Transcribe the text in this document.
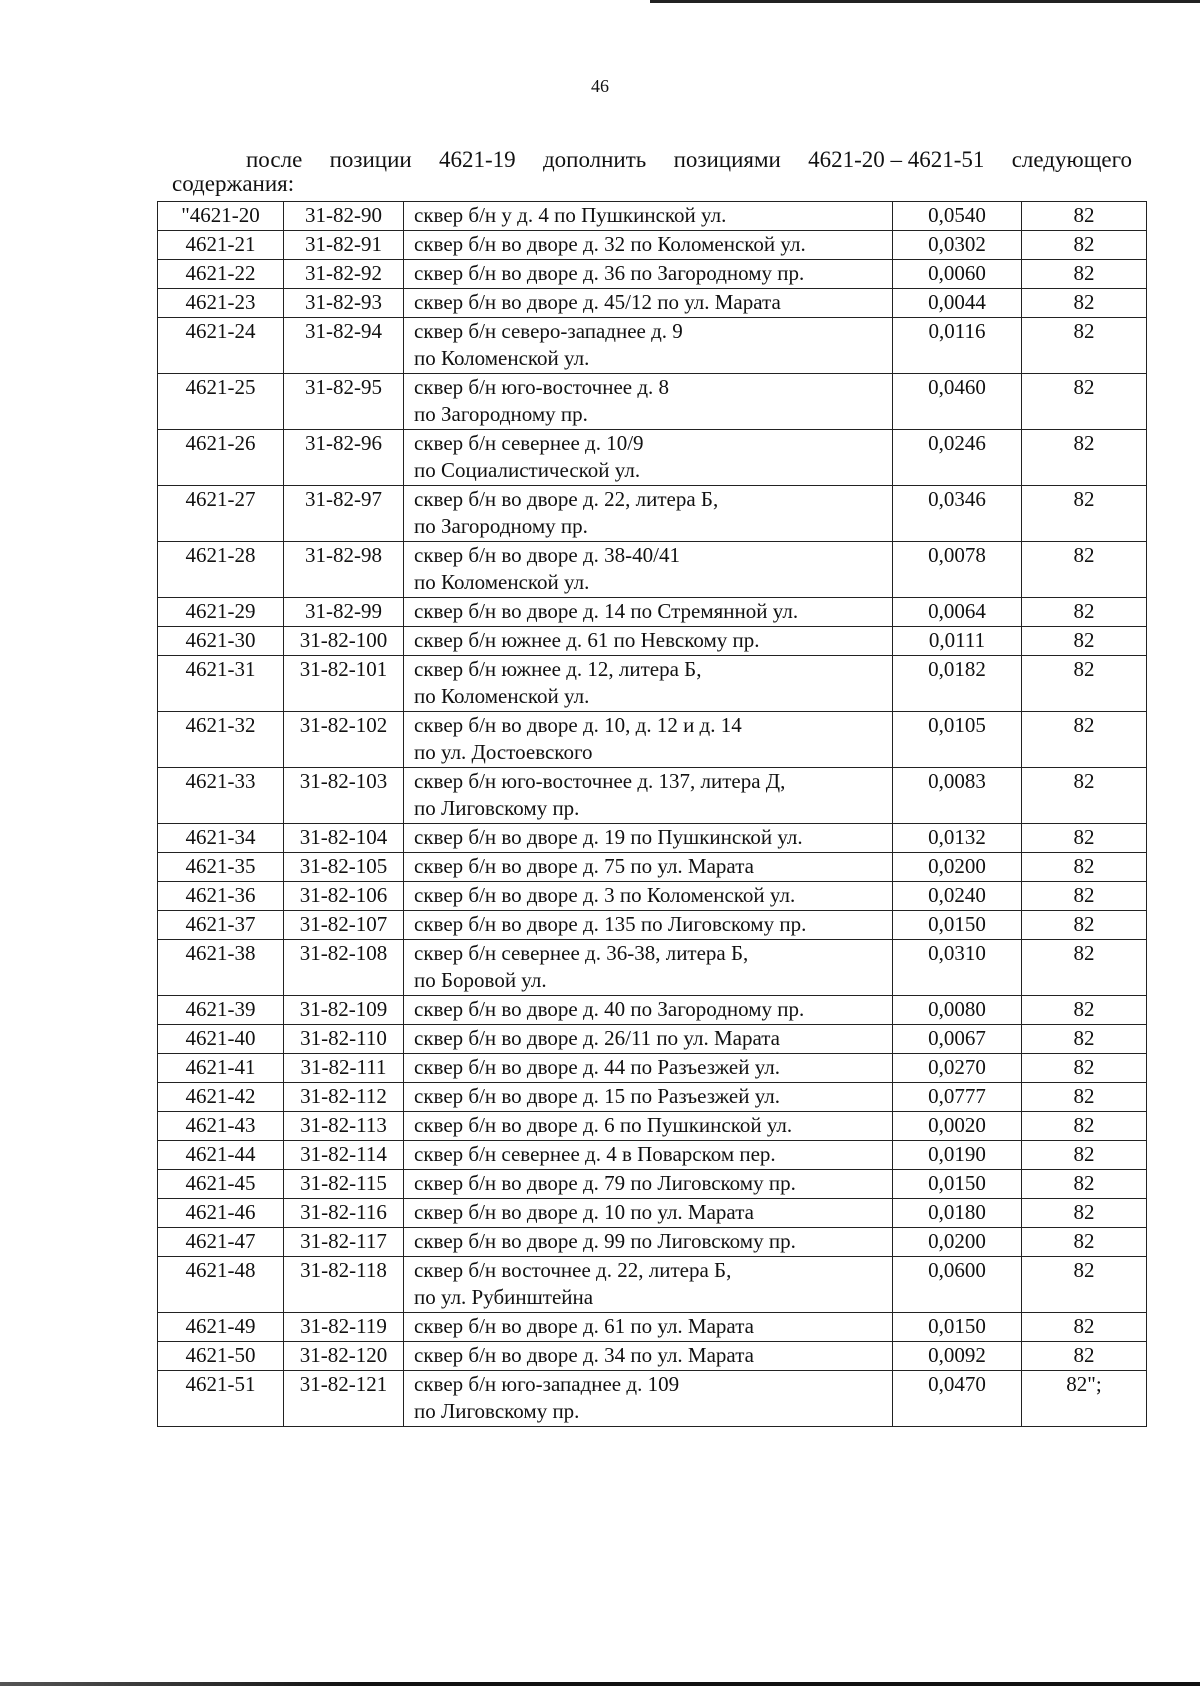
46
после позиции 4621-19 дополнить позициями 4621-20 – 4621-51 следующего
содержания:
"4621-20	31-82-90	сквер б/н у д. 4 по Пушкинской ул.	0,0540	82
4621-21	31-82-91	сквер б/н во дворе д. 32 по Коломенской ул.	0,0302	82
4621-22	31-82-92	сквер б/н во дворе д. 36 по Загородному пр.	0,0060	82
4621-23	31-82-93	сквер б/н во дворе д. 45/12 по ул. Марата	0,0044	82
4621-24	31-82-94	сквер б/н северо-западнее д. 9
по Коломенской ул.	0,0116	82
4621-25	31-82-95	сквер б/н юго-восточнее д. 8
по Загородному пр.	0,0460	82
4621-26	31-82-96	сквер б/н севернее д. 10/9
по Социалистической ул.	0,0246	82
4621-27	31-82-97	сквер б/н во дворе д. 22, литера Б,
по Загородному пр.	0,0346	82
4621-28	31-82-98	сквер б/н во дворе д. 38-40/41
по Коломенской ул.	0,0078	82
4621-29	31-82-99	сквер б/н во дворе д. 14 по Стремянной ул.	0,0064	82
4621-30	31-82-100	сквер б/н южнее д. 61 по Невскому пр.	0,0111	82
4621-31	31-82-101	сквер б/н южнее д. 12, литера Б,
по Коломенской ул.	0,0182	82
4621-32	31-82-102	сквер б/н во дворе д. 10, д. 12 и д. 14
по ул. Достоевского	0,0105	82
4621-33	31-82-103	сквер б/н юго-восточнее д. 137, литера Д,
по Лиговскому пр.	0,0083	82
4621-34	31-82-104	сквер б/н во дворе д. 19 по Пушкинской ул.	0,0132	82
4621-35	31-82-105	сквер б/н во дворе д. 75 по ул. Марата	0,0200	82
4621-36	31-82-106	сквер б/н во дворе д. 3 по Коломенской ул.	0,0240	82
4621-37	31-82-107	сквер б/н во дворе д. 135 по Лиговскому пр.	0,0150	82
4621-38	31-82-108	сквер б/н севернее д. 36-38, литера Б,
по Боровой ул.	0,0310	82
4621-39	31-82-109	сквер б/н во дворе д. 40 по Загородному пр.	0,0080	82
4621-40	31-82-110	сквер б/н во дворе д. 26/11 по ул. Марата	0,0067	82
4621-41	31-82-111	сквер б/н во дворе д. 44 по Разъезжей ул.	0,0270	82
4621-42	31-82-112	сквер б/н во дворе д. 15 по Разъезжей ул.	0,0777	82
4621-43	31-82-113	сквер б/н во дворе д. 6 по Пушкинской ул.	0,0020	82
4621-44	31-82-114	сквер б/н севернее д. 4 в Поварском пер.	0,0190	82
4621-45	31-82-115	сквер б/н во дворе д. 79 по Лиговскому пр.	0,0150	82
4621-46	31-82-116	сквер б/н во дворе д. 10 по ул. Марата	0,0180	82
4621-47	31-82-117	сквер б/н во дворе д. 99 по Лиговскому пр.	0,0200	82
4621-48	31-82-118	сквер б/н восточнее д. 22, литера Б,
по ул. Рубинштейна	0,0600	82
4621-49	31-82-119	сквер б/н во дворе д. 61 по ул. Марата	0,0150	82
4621-50	31-82-120	сквер б/н во дворе д. 34 по ул. Марата	0,0092	82
4621-51	31-82-121	сквер б/н юго-западнее д. 109
по Лиговскому пр.	0,0470	82";
